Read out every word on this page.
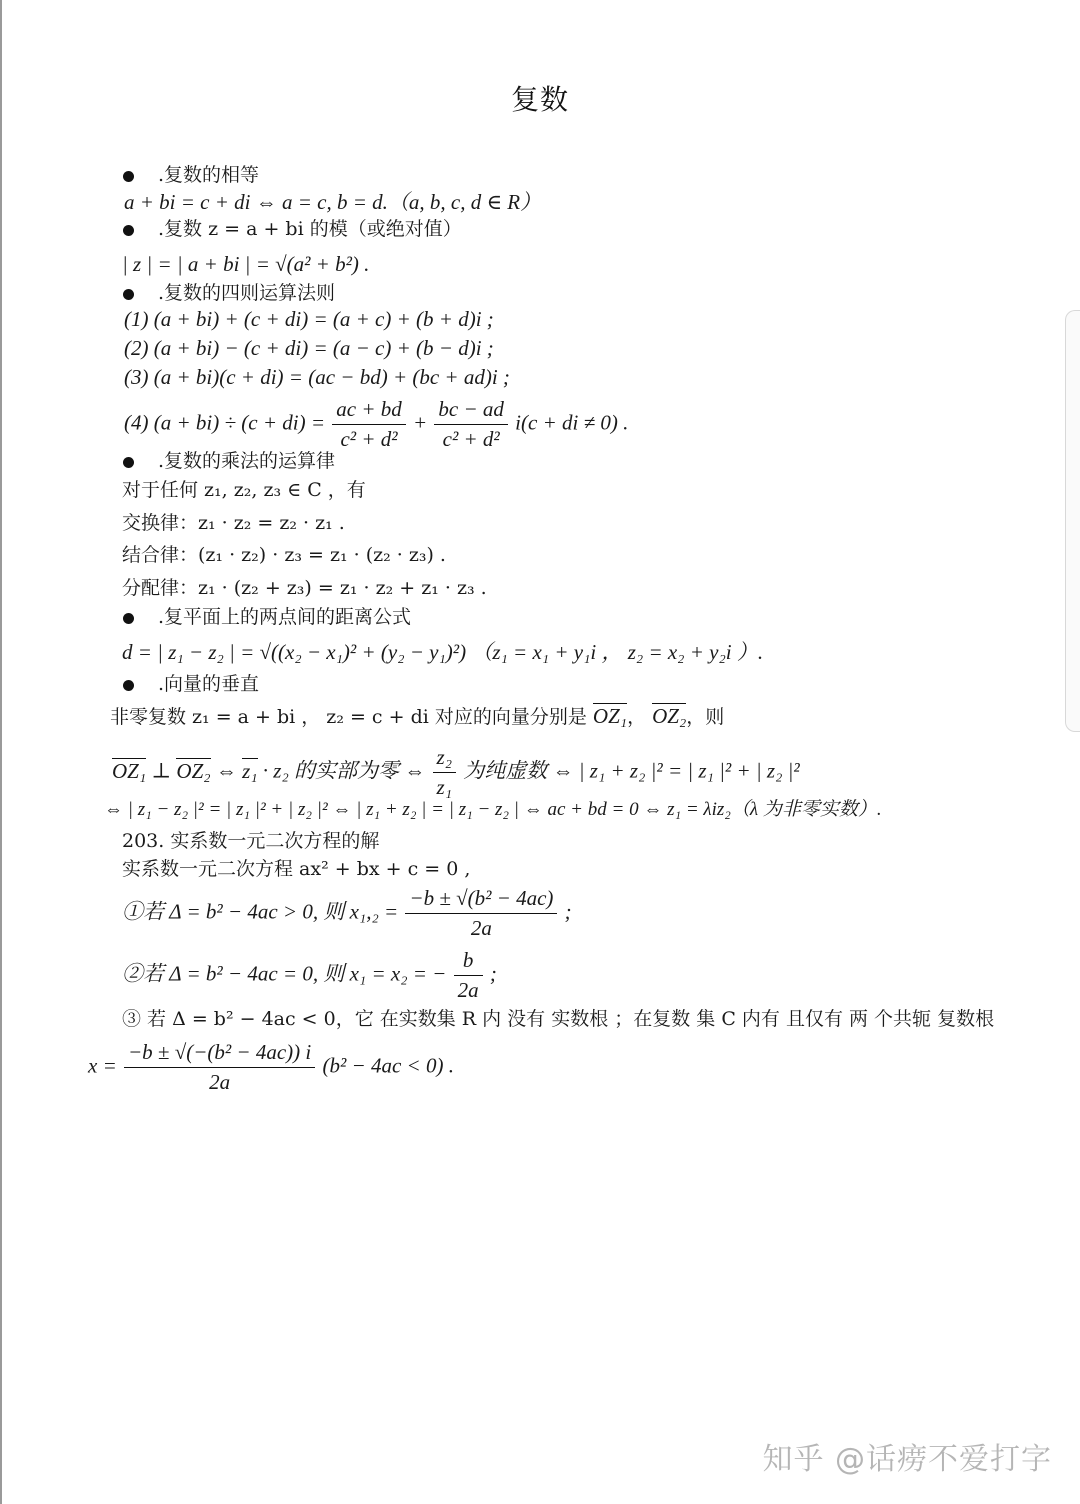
复数
.复数的相等
a + bi = c + di ⇔ a = c, b = d.（a, b, c, d ∈ R）
.复数 z = a + bi 的模（或绝对值）
| z | = | a + bi | = √(a² + b²) .
.复数的四则运算法则
(1) (a + bi) + (c + di) = (a + c) + (b + d)i ;
(2) (a + bi) − (c + di) = (a − c) + (b − d)i ;
(3) (a + bi)(c + di) = (ac − bd) + (bc + ad)i ;
(4) $(a + bi) \div (c + di) = \frac{ac + bd}{\text{c² + d²}} + \frac{bc - ad}{\text{c² + d²}} i(c$ + di ≠ 0) .
.复数的乘法的运算律
对于任何 z₁, z₂, z₃ ∈ C ，有
交换律：z₁ · z₂ = z₂ · z₁ .
结合律：(z₁ · z₂) · z₃ = z₁ · (z₂ · z₃) .
分配律：z₁ · (z₂ + z₃) = z₁ · z₂ + z₁ · z₃ .
.复平面上的两点间的距离公式
d = | z₁ − z₂ | = √((x₂ − x₁)² + (y₂ − y₁)²) （z₁ = x₁ + y₁i ， z₂ = x₂ + y₂i ）.
.向量的垂直
非零复数 z₁ = a + bi ， z₂ = c + di 对应的向量分别是 OZ₁， OZ₂，则
OZ₁ ⊥ OZ₂ ⇔ z₁ · z₂ 的实部为零 ⇔ $\frac{\text{z₂}}{\text{z₁}}$ 为纯虚数 ⇔ | z₁ + z₂ |² = | z₁ |² + | z₂ |²
⇔ | z₁ − z₂ |² = | z₁ |² + | z₂ |² ⇔ | z₁ + z₂ | = | z₁ − z₂ | ⇔ ac + bd = 0 ⇔ z₁ = λiz₂（λ 为非零实数）.
203. 实系数一元二次方程的解
实系数一元二次方程 ax² + bx + c = 0 ,
①若 Δ = b² − 4ac > 0, 则 $x_1,_2 = \frac{\text{−b ± √(b² − 4ac)}}{2a}$ ;
②若 Δ = b² − 4ac = 0, 则 x₁ = x₂ = − $\frac{b}{2a}$ ;
③ 若 Δ = b² − 4ac < 0，它 在实数集 R 内 没有 实数根 ；在复数 集 C 内有 且仅有 两 个共轭 复数根
$x = \frac{\text{−b ± √(−(b² − 4ac)) i}}{2a} (b^2 - 4ac < 0)$ .
知乎 @话痨不爱打字
